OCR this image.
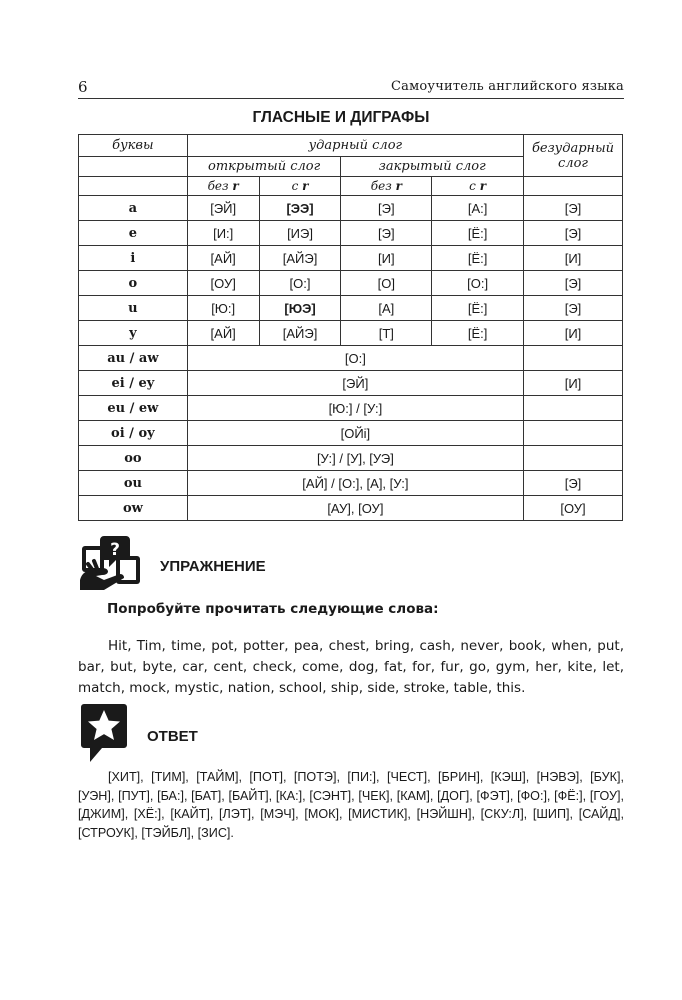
6	Самоучитель английского языка
ГЛАСНЫЕ И ДИГРАФЫ
буквы	ударный слог				безударный слог
	открытый слог		закрытый слог		
	без r	с r	без r	с r	
a	[ЭЙ]	[ЭЭ]	[Э]	[А:]	[Э]
e	[И:]	[ИЭ]	[Э]	[Ё:]	[Э]
i	[АЙ]	[АЙЭ]	[И]	[Ё:]	[И]
o	[ОУ]	[О:]	[О]	[О:]	[Э]
u	[Ю:]	[ЮЭ]	[А]	[Ё:]	[Э]
y	[АЙ]	[АЙЭ]	[Т]	[Ё:]	[И]
au / aw	[О:]				
ei / ey	[ЭЙ]				[И]
eu / ew	[Ю:] / [У:]				
oi / oy	[ОЙi]				
oo	[У:] / [У], [УЭ]				
ou	[АЙ] / [О:], [А], [У:]				[Э]
ow	[АУ], [ОУ]				[ОУ]
?
УПРАЖНЕНИЕ
Попробуйте прочитать следующие слова:
Hit, Tim, time, pot, potter, pea, chest, bring, cash, never, book, when, put, bar, but, byte, car, cent, check, come, dog, fat, for, fur, go, gym, her, kite, let, match, mock, mystic, nation, school, ship, side, stroke, table, this.
ОТВЕТ
[ХИТ], [ТИМ], [ТАЙМ], [ПОТ], [ПОТЭ], [ПИ:], [ЧЕСТ], [БРИН], [КЭШ], [НЭВЭ], [БУК], [УЭН], [ПУТ], [БА:], [БАТ], [БАЙТ], [КА:], [СЭНТ], [ЧЕК], [КАМ], [ДОГ], [ФЭТ], [ФО:], [ФЁ:], [ГОУ], [ДЖИМ], [ХЁ:], [КАЙТ], [ЛЭТ], [МЭЧ], [МОК], [МИСТИК], [НЭЙШН], [СКУ:Л], [ШИП], [САЙД], [СТРОУК], [ТЭЙБЛ], [ЗИС].
